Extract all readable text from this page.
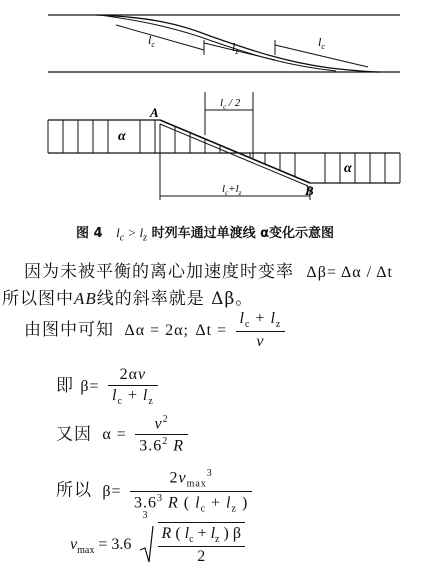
$l_c$	$l_z$
$l_c$
$l_c / 2$
α
α
A
B
$l_c+l_z$
图 4 $l_c > l_z$ 时列车通过单渡线 α变化示意图
因为未被平衡的离心加速度时变率 Δβ= Δα / Δt
所以图中AB线的斜率就是 Δβ。
由图中可知 Δα = 2α; $\Delta t = \frac{l_c + l_z}{v}$
即 $\beta= \frac{2\alpha v}{l_c + l_z}$
又因 $\alpha = \frac{v^2}{3.6^2 R}$
所以 $\beta= \frac{2v_{max}^3}{3.6^3 R ( l_c + l_z )}$
$v_{max} = 3.6$
3

$\frac{R ( l_c + l_z ) \beta}{2}$
